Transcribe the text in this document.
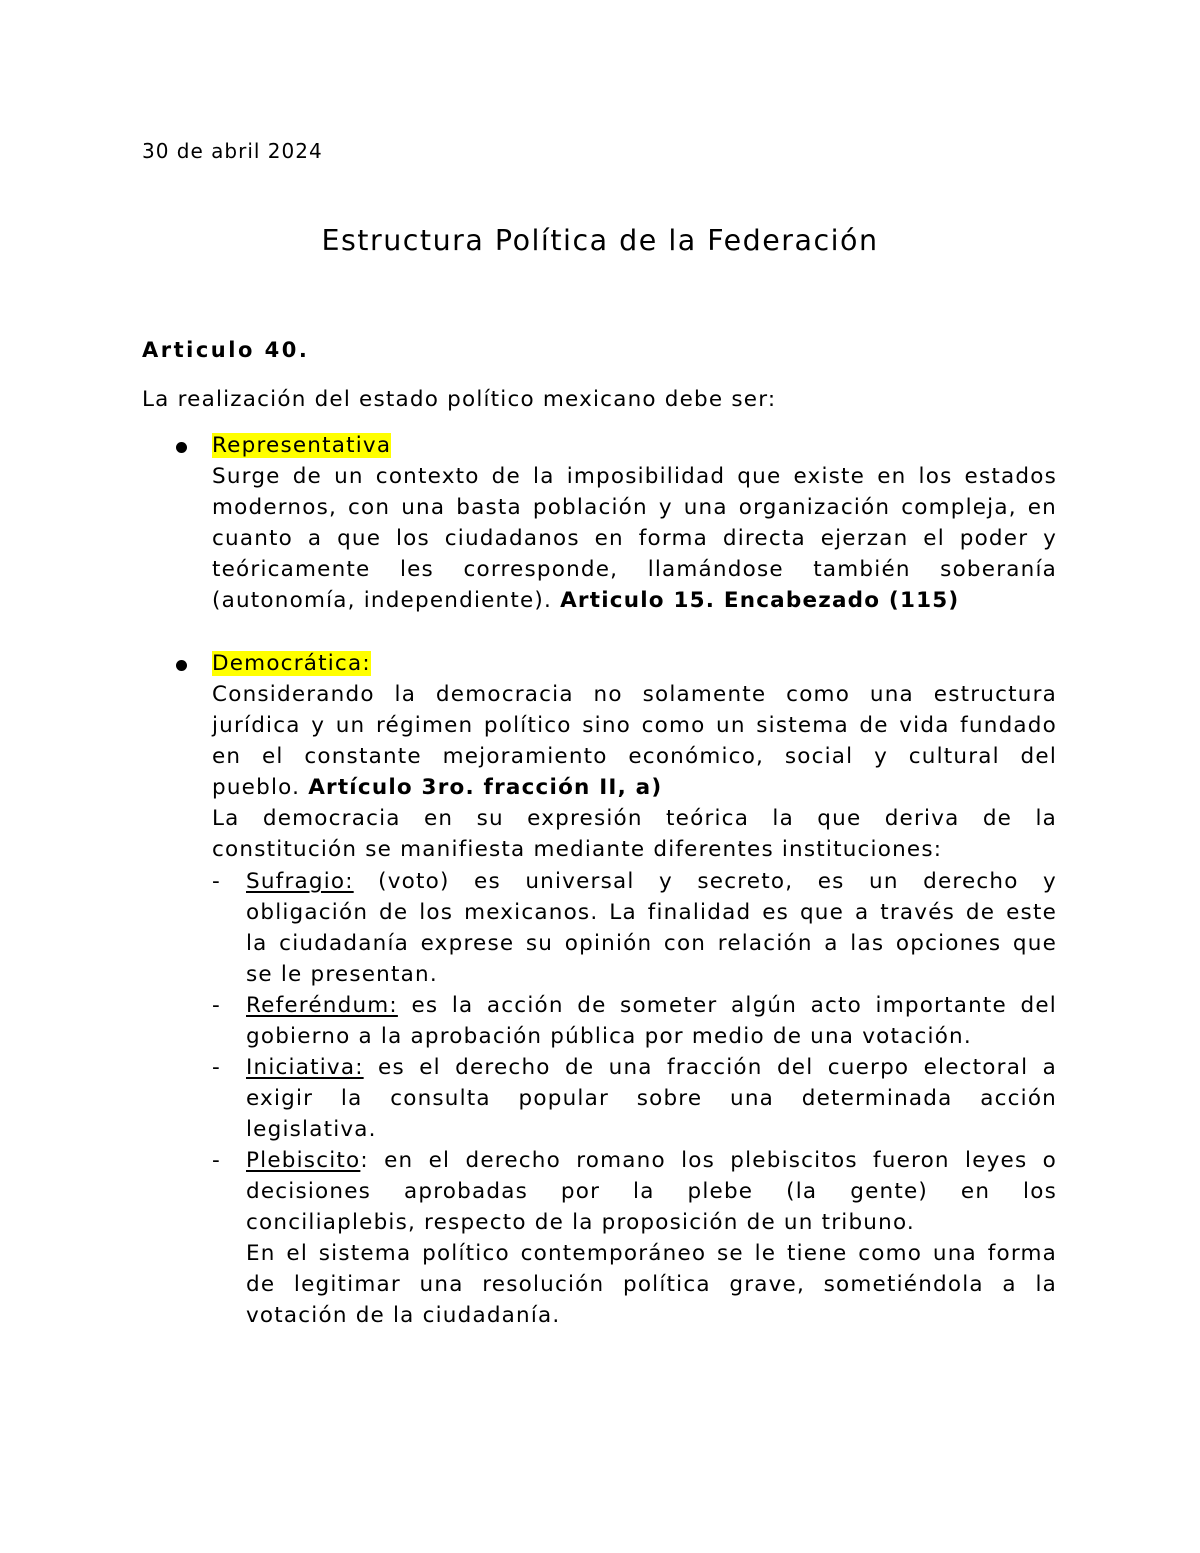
30 de abril 2024
Estructura Política de la Federación
Articulo 40.
La realización del estado político mexicano debe ser:
Representativa
Surge de un contexto de la imposibilidad que existe en los estados
modernos, con una basta población y una organización compleja, en
cuanto a que los ciudadanos en forma directa ejerzan el poder y
teóricamente les corresponde, llamándose también soberanía
(autonomía, independiente). Articulo 15. Encabezado (115)
Democrática:
Considerando la democracia no solamente como una estructura
jurídica y un régimen político sino como un sistema de vida fundado
en el constante mejoramiento económico, social y cultural del
pueblo. Artículo 3ro. fracción II, a)
La democracia en su expresión teórica la que deriva de la
constitución se manifiesta mediante diferentes instituciones:
- Sufragio: (voto) es universal y secreto, es un derecho y
obligación de los mexicanos. La finalidad es que a través de este
la ciudadanía exprese su opinión con relación a las opciones que
se le presentan.
- Referéndum: es la acción de someter algún acto importante del
gobierno a la aprobación pública por medio de una votación.
- Iniciativa: es el derecho de una fracción del cuerpo electoral a
exigir la consulta popular sobre una determinada acción
legislativa.
- Plebiscito: en el derecho romano los plebiscitos fueron leyes o
decisiones aprobadas por la plebe (la gente) en los
conciliaplebis, respecto de la proposición de un tribuno.
En el sistema político contemporáneo se le tiene como una forma
de legitimar una resolución política grave, sometiéndola a la
votación de la ciudadanía.
